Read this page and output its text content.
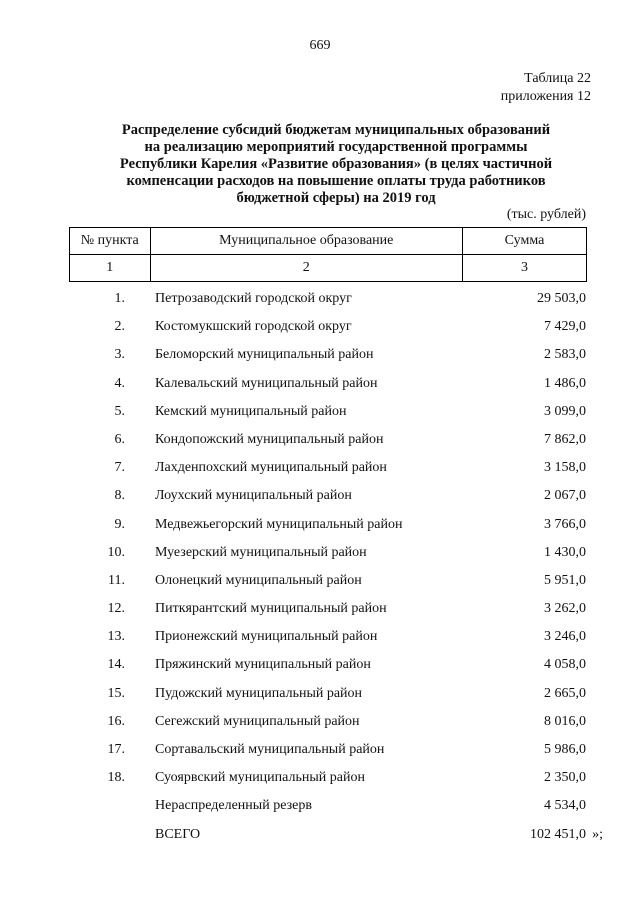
669
Таблица 22
приложения 12
Распределение субсидий бюджетам муниципальных образований
на реализацию мероприятий государственной программы
Республики Карелия «Развитие образования» (в целях частичной
компенсации расходов на повышение оплаты труда работников
бюджетной сферы) на 2019 год
(тыс. рублей)
№ пункта	Муниципальное образование	Сумма
1	2	3
1. Петрозаводский городской округ	29 503,0
2. Костомукшский городской округ	7 429,0
3. Беломорский муниципальный район	2 583,0
4. Калевальский муниципальный район	1 486,0
5. Кемский муниципальный район	3 099,0
6. Кондопожский муниципальный район	7 862,0
7. Лахденпохский муниципальный район	3 158,0
8. Лоухский муниципальный район	2 067,0
9. Медвежьегорский муниципальный район	3 766,0
10. Муезерский муниципальный район	1 430,0
11. Олонецкий муниципальный район	5 951,0
12. Питкярантский муниципальный район	3 262,0
13. Прионежский муниципальный район	3 246,0
14. Пряжинский муниципальный район	4 058,0
15. Пудожский муниципальный район	2 665,0
16. Сегежский муниципальный район	8 016,0
17. Сортавальский муниципальный район	5 986,0
18. Суоярвский муниципальный район	2 350,0
Нераспределенный резерв	4 534,0
ВСЕГО	102 451,0 »;
